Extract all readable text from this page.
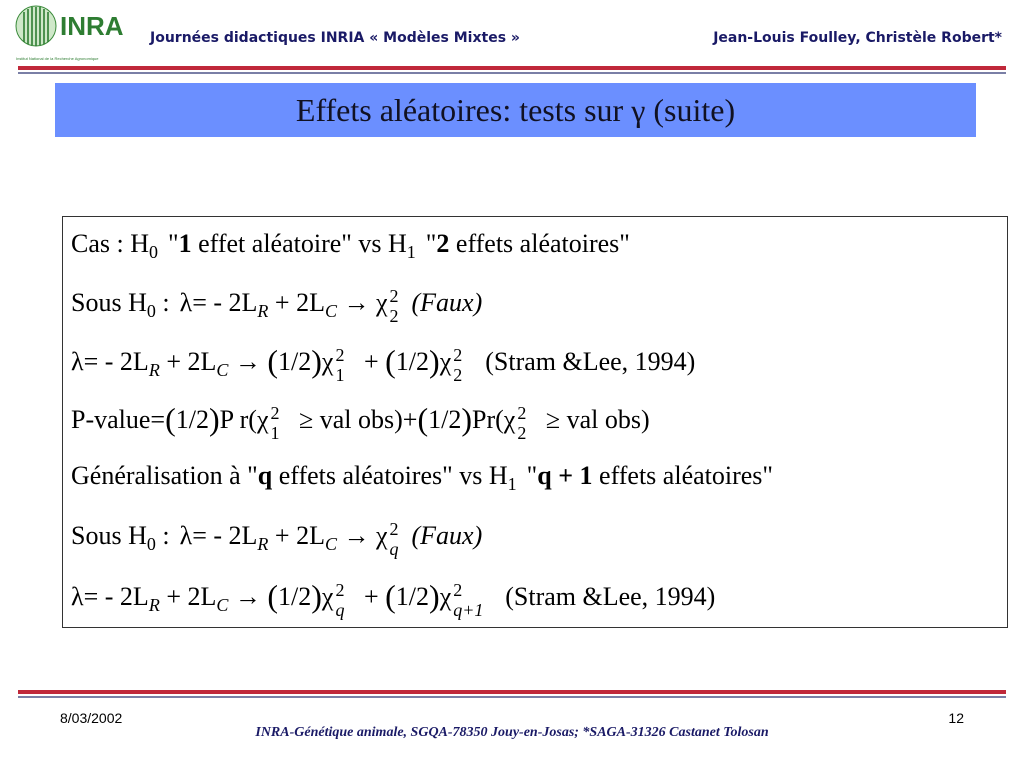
INRA
Institut National de la Recherche Agronomique
Journées didactiques INRIA « Modèles Mixtes »	Jean-Louis Foulley, Christèle Robert*
Effets aléatoires: tests sur γ (suite)
Cas : $H_0$ "1 effet aléatoire" vs $H_1$ "2 effets aléatoires"
Sous $H_0$ : $\lambda= - 2L_R + 2L_C \to \chi$ 2
2 (Faux)
$\lambda= - 2L_R + 2L_C \to (1/2)\chi$ 2
1 + (1/2)χ 2
2 (Stram &Lee, 1994)
P-value=(1/2)P r(χ 2
1 ≥ val obs)+(1/2)Pr(χ 2
2 ≥ val obs)
Généralisation à "q effets aléatoires" vs $H_1$ "q + 1 effets aléatoires"
Sous $H_0$ : $\lambda= - 2L_R + 2L_C \to \chi$ 2
q (Faux)
$\lambda= - 2L_R + 2L_C \to (1/2)\chi$ 2
q + (1/2)χ 2
q+1 (Stram &Lee, 1994)
8/03/2002	12
INRA-Génétique animale, SGQA-78350 Jouy-en-Josas; *SAGA-31326 Castanet Tolosan
